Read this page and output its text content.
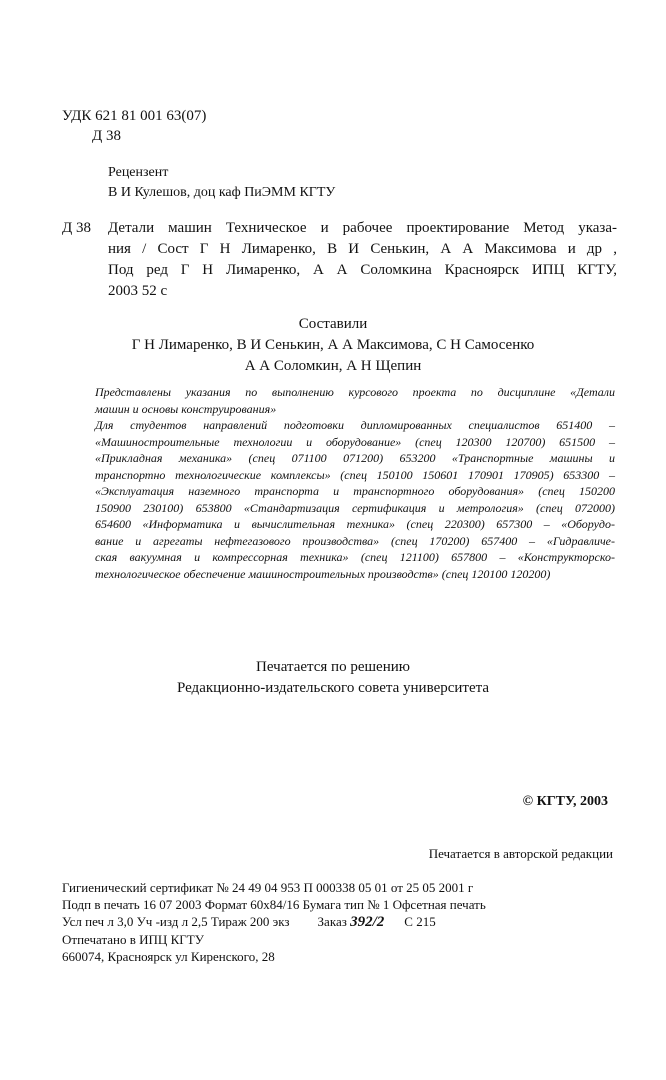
УДК 621 81 001 63(07)
Д 38
Рецензент
В И Кулешов, доц каф ПиЭММ КГТУ
Д 38 Детали машин Техническое и рабочее проектирование Метод указа-
ния / Сост Г Н Лимаренко, В И Сенькин, А А Максимова и др ,
Под ред Г Н Лимаренко, А А Соломкина Красноярск ИПЦ КГТУ,
2003 52 с
Составили
Г Н Лимаренко, В И Сенькин, А А Максимова, С Н Самосенко
А А Соломкин, А Н Щепин
Представлены указания по выполнению курсового проекта по дисциплине «Детали
машин и основы конструирования»
Для студентов направлений подготовки дипломированных специалистов 651400 –
«Машиностроительные технологии и оборудование» (спец 120300 120700) 651500 –
«Прикладная механика» (спец 071100 071200) 653200 «Транспортные машины и
транспортно технологические комплексы» (спец 150100 150601 170901 170905) 653300 –
«Эксплуатация наземного транспорта и транспортного оборудования» (спец 150200
150900 230100) 653800 «Стандартизация сертификация и метрология» (спец 072000)
654600 «Информатика и вычислительная техника» (спец 220300) 657300 – «Оборудо-
вание и агрегаты нефтегазового производства» (спец 170200) 657400 – «Гидравличе-
ская вакуумная и компрессорная техника» (спец 121100) 657800 – «Конструкторско-
технологическое обеспечение машиностроительных производств» (спец 120100 120200)
Печатается по решению
Редакционно-издательского совета университета
© КГТУ, 2003
Печатается в авторской редакции
Гигиенический сертификат № 24 49 04 953 П 000338 05 01 от 25 05 2001 г
Подп в печать 16 07 2003 Формат 60х84/16 Бумага тип № 1 Офсетная печать
Усл печ л 3,0 Уч -изд л 2,5 Тираж 200 экз Заказ 392/2 С 215
Отпечатано в ИПЦ КГТУ
660074, Красноярск ул Киренского, 28
